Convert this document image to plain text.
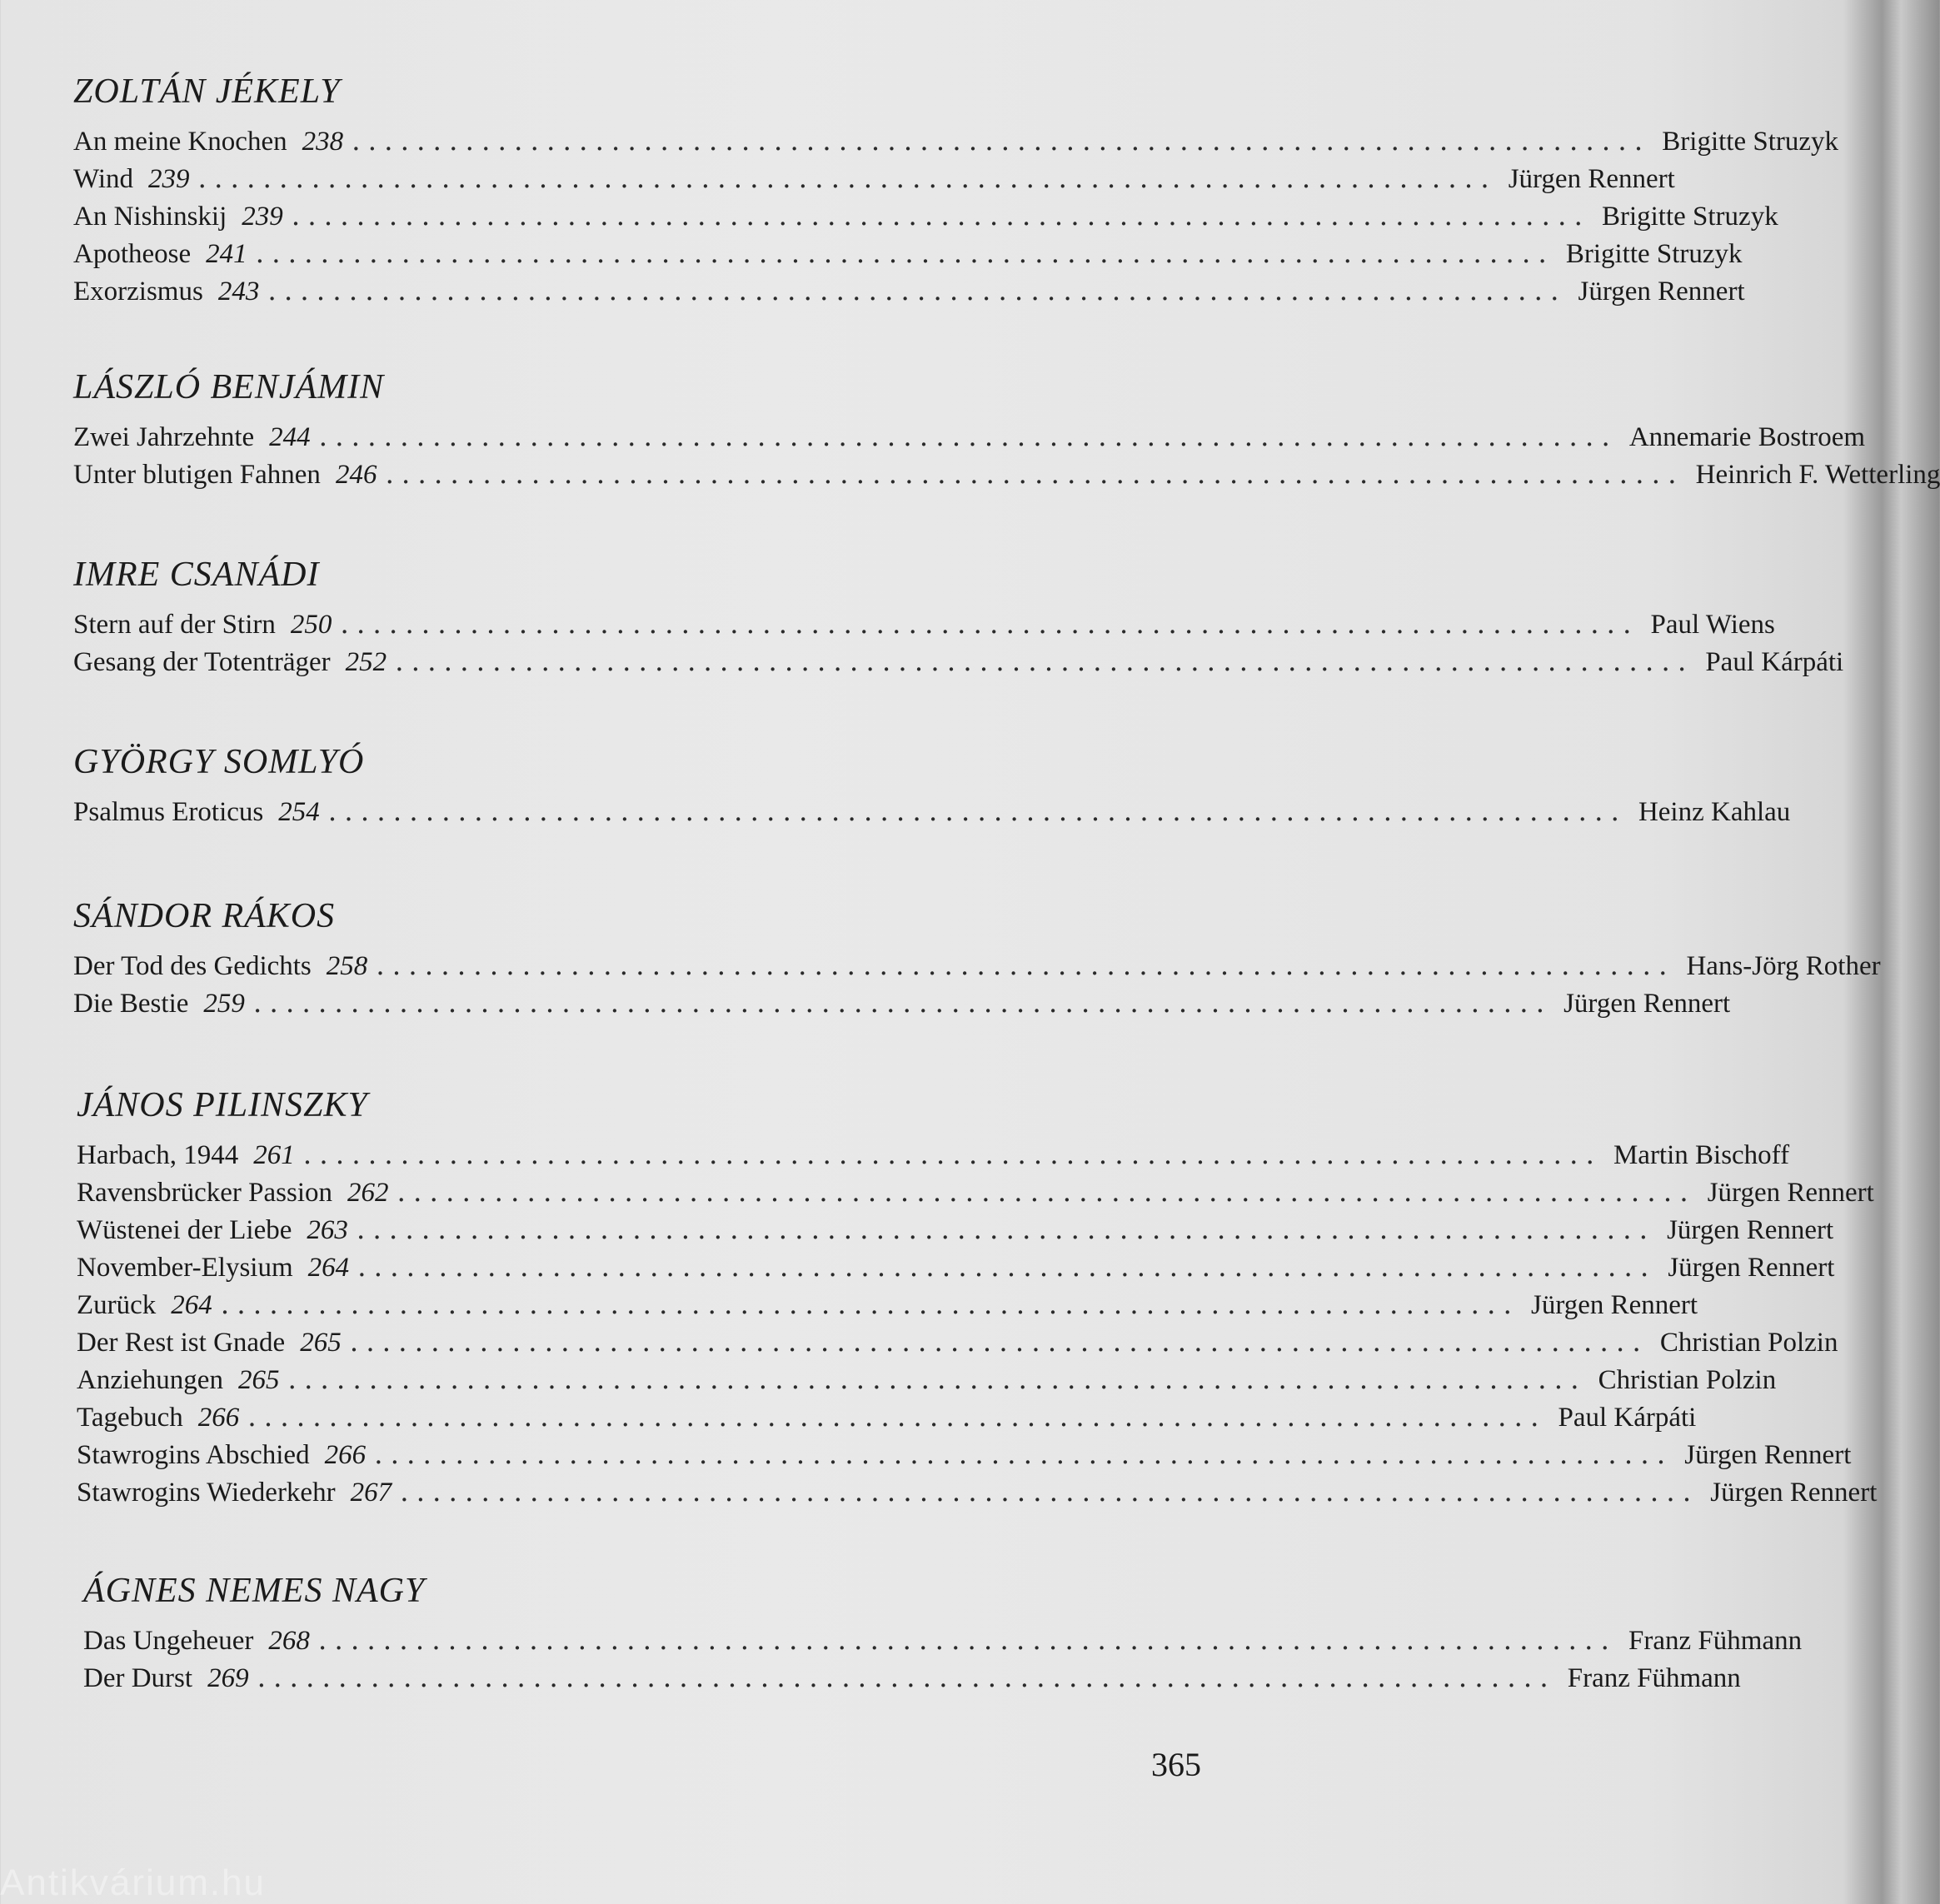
ZOLTÁN JÉKELY
An meine Knochen 238 ................................................................................ Brigitte Struzyk
Wind 239 ................................................................................ Jürgen Rennert
An Nishinskij 239 ................................................................................ Brigitte Struzyk
Apotheose 241 ................................................................................ Brigitte Struzyk
Exorzismus 243 ................................................................................ Jürgen Rennert
LÁSZLÓ BENJÁMIN
Zwei Jahrzehnte 244 ................................................................................ Annemarie Bostroem
Unter blutigen Fahnen 246 ................................................................................ Heinrich F. Wetterling
IMRE CSANÁDI
Stern auf der Stirn 250 ................................................................................ Paul Wiens
Gesang der Totenträger 252 ................................................................................ Paul Kárpáti
GYÖRGY SOMLYÓ
Psalmus Eroticus 254 ................................................................................ Heinz Kahlau
SÁNDOR RÁKOS
Der Tod des Gedichts 258 ................................................................................ Hans-Jörg Rother
Die Bestie 259 ................................................................................ Jürgen Rennert
JÁNOS PILINSZKY
Harbach, 1944 261 ................................................................................ Martin Bischoff
Ravensbrücker Passion 262 ................................................................................ Jürgen Rennert
Wüstenei der Liebe 263 ................................................................................ Jürgen Rennert
November-Elysium 264 ................................................................................ Jürgen Rennert
Zurück 264 ................................................................................ Jürgen Rennert
Der Rest ist Gnade 265 ................................................................................ Christian Polzin
Anziehungen 265 ................................................................................ Christian Polzin
Tagebuch 266 ................................................................................ Paul Kárpáti
Stawrogins Abschied 266 ................................................................................ Jürgen Rennert
Stawrogins Wiederkehr 267 ................................................................................ Jürgen Rennert
ÁGNES NEMES NAGY
Das Ungeheuer 268 ................................................................................ Franz Fühmann
Der Durst 269 ................................................................................ Franz Fühmann
365
Antikvárium.hu
